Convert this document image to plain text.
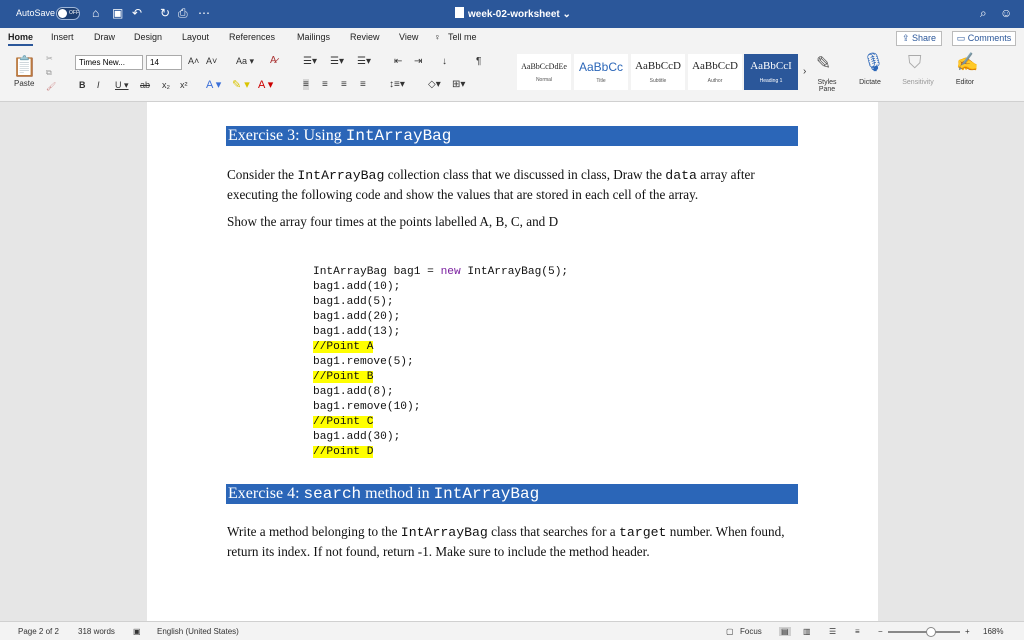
AutoSave	OFF ⌂ ▣ ↶ ↻ ⎙ ⋯	week-02-worksheet ⌄	⌕ ☺
Home Insert Draw Design Layout References Mailings Review View ♀ Tell me	⇪ Share	▭ Comments
📋
Paste
✂
⧉
🖌
Times New...	14	A˄ A˅ Aa ▾ A̷
B I U ▾ ab x₂ x² A ▾ ✎ ▾ A ▾
☰▾ ☰▾ ☰▾ ⇤ ⇥ ↓	¶
≡ ≡ ≡ ≡ ↕≡▾ ◇▾ ⊞▾
AaBbCcDdEe
Normal
AaBbCc
Title
AaBbCcD
Subtitle
AaBbCcD
Author
AaBbCcI
Heading 1
› ✎
Styles Pane
🎙
Dictate
⛉
Sensitivity
✍
Editor
Exercise 3: Using IntArrayBag
Consider the IntArrayBag collection class that we discussed in class, Draw the data array after executing the following code and show the values that are stored in each cell of the array.
Show the array four times at the points labelled A, B, C, and D
IntArrayBag bag1 = new IntArrayBag(5);
bag1.add(10);
bag1.add(5);
bag1.add(20);
bag1.add(13);
//Point A
bag1.remove(5);
//Point B
bag1.add(8);
bag1.remove(10);
//Point C
bag1.add(30);
//Point D
Exercise 4: search method in IntArrayBag
Write a method belonging to the IntArrayBag class that searches for a target number. When found, return its index. If not found, return -1. Make sure to include the method header.
Page 2 of 2 318 words ▣ English (United States)	▢ Focus ▤ ▥ ☰ ≡ −	+ 168%
